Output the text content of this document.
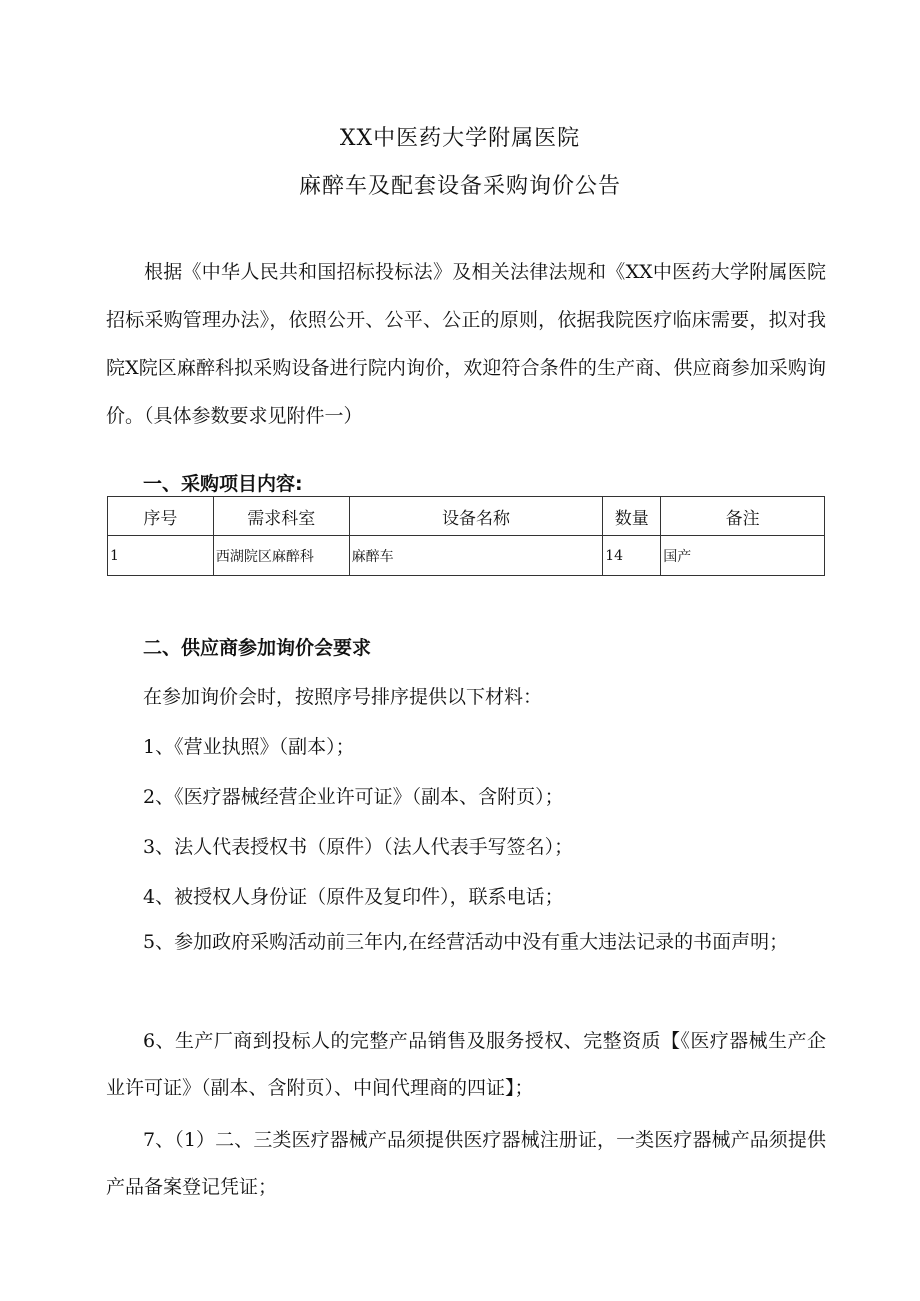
XX中医药大学附属医院
麻醉车及配套设备采购询价公告
根据《中华人民共和国招标投标法》及相关法律法规和《XX中医药大学附属医院招标采购管理办法》，依照公开、公平、公正的原则，依据我院医疗临床需要，拟对我院X院区麻醉科拟采购设备进行院内询价，欢迎符合条件的生产商、供应商参加采购询价。（具体参数要求见附件一）
一、采购项目内容:
序号	需求科室	设备名称	数量	备注
1	西湖院区麻醉科	麻醉车	14	国产
二、供应商参加询价会要求
在参加询价会时，按照序号排序提供以下材料：
1、《营业执照》（副本）；
2、《医疗器械经营企业许可证》（副本、含附页）；
3、法人代表授权书（原件）（法人代表手写签名）；
4、被授权人身份证（原件及复印件），联系电话；
5、参加政府采购活动前三年内,在经营活动中没有重大违法记录的书面声明；
6、生产厂商到投标人的完整产品销售及服务授权、完整资质【《医疗器械生产企业许可证》（副本、含附页）、中间代理商的四证】；
7、（1）二、三类医疗器械产品须提供医疗器械注册证，一类医疗器械产品须提供产品备案登记凭证；
